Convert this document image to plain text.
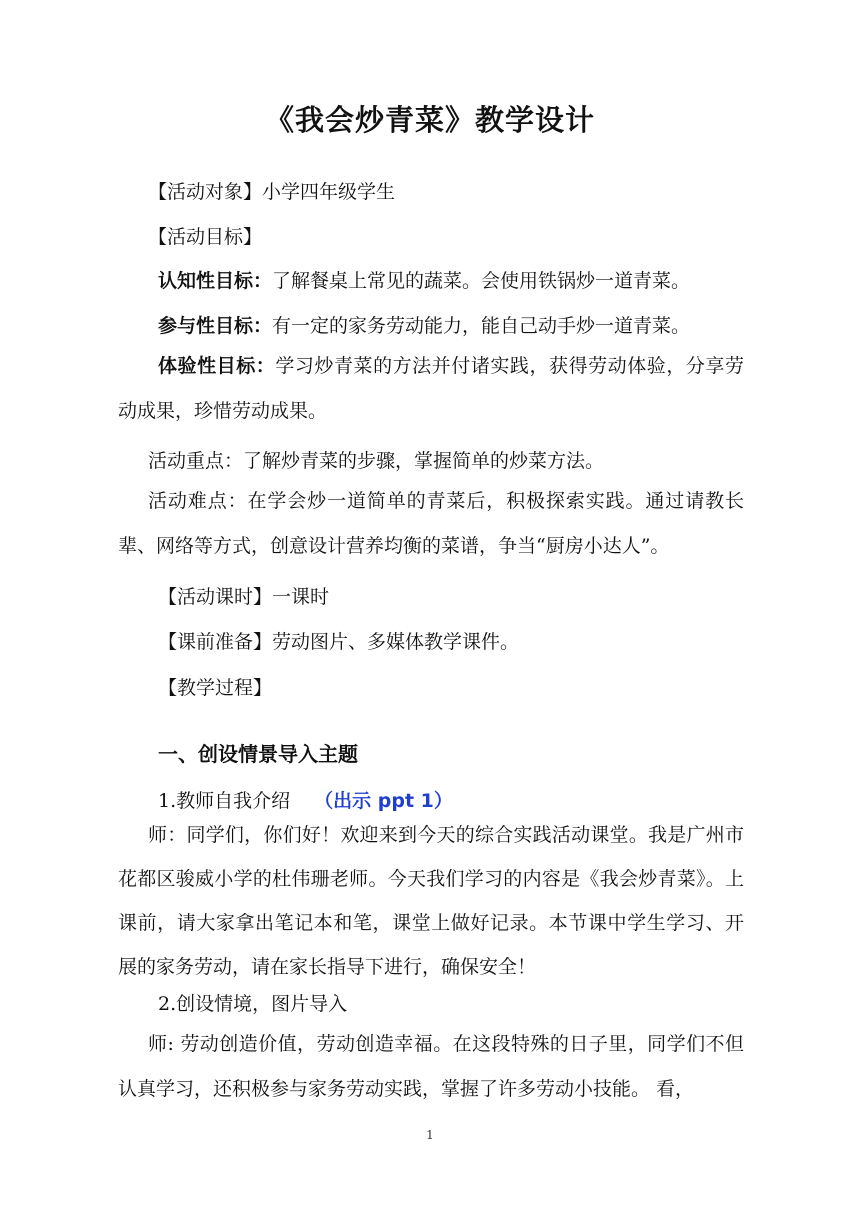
《我会炒青菜》教学设计
【活动对象】小学四年级学生
【活动目标】
认知性目标：了解餐桌上常见的蔬菜。会使用铁锅炒一道青菜。
参与性目标：有一定的家务劳动能力，能自己动手炒一道青菜。
体验性目标：学习炒青菜的方法并付诸实践，获得劳动体验，分享劳动成果，珍惜劳动成果。
活动重点：了解炒青菜的步骤，掌握简单的炒菜方法。
活动难点：在学会炒一道简单的青菜后，积极探索实践。通过请教长辈、网络等方式，创意设计营养均衡的菜谱，争当“厨房小达人”。
【活动课时】一课时
【课前准备】劳动图片、多媒体教学课件。
【教学过程】
一、创设情景导入主题
1.教师自我介绍 （出示 ppt 1）
师：同学们，你们好！欢迎来到今天的综合实践活动课堂。我是广州市花都区骏威小学的杜伟珊老师。今天我们学习的内容是《我会炒青菜》。上课前，请大家拿出笔记本和笔，课堂上做好记录。本节课中学生学习、开展的家务劳动，请在家长指导下进行，确保安全！
2.创设情境，图片导入
师: 劳动创造价值，劳动创造幸福。在这段特殊的日子里，同学们不但认真学习，还积极参与家务劳动实践，掌握了许多劳动小技能。 看，
1
